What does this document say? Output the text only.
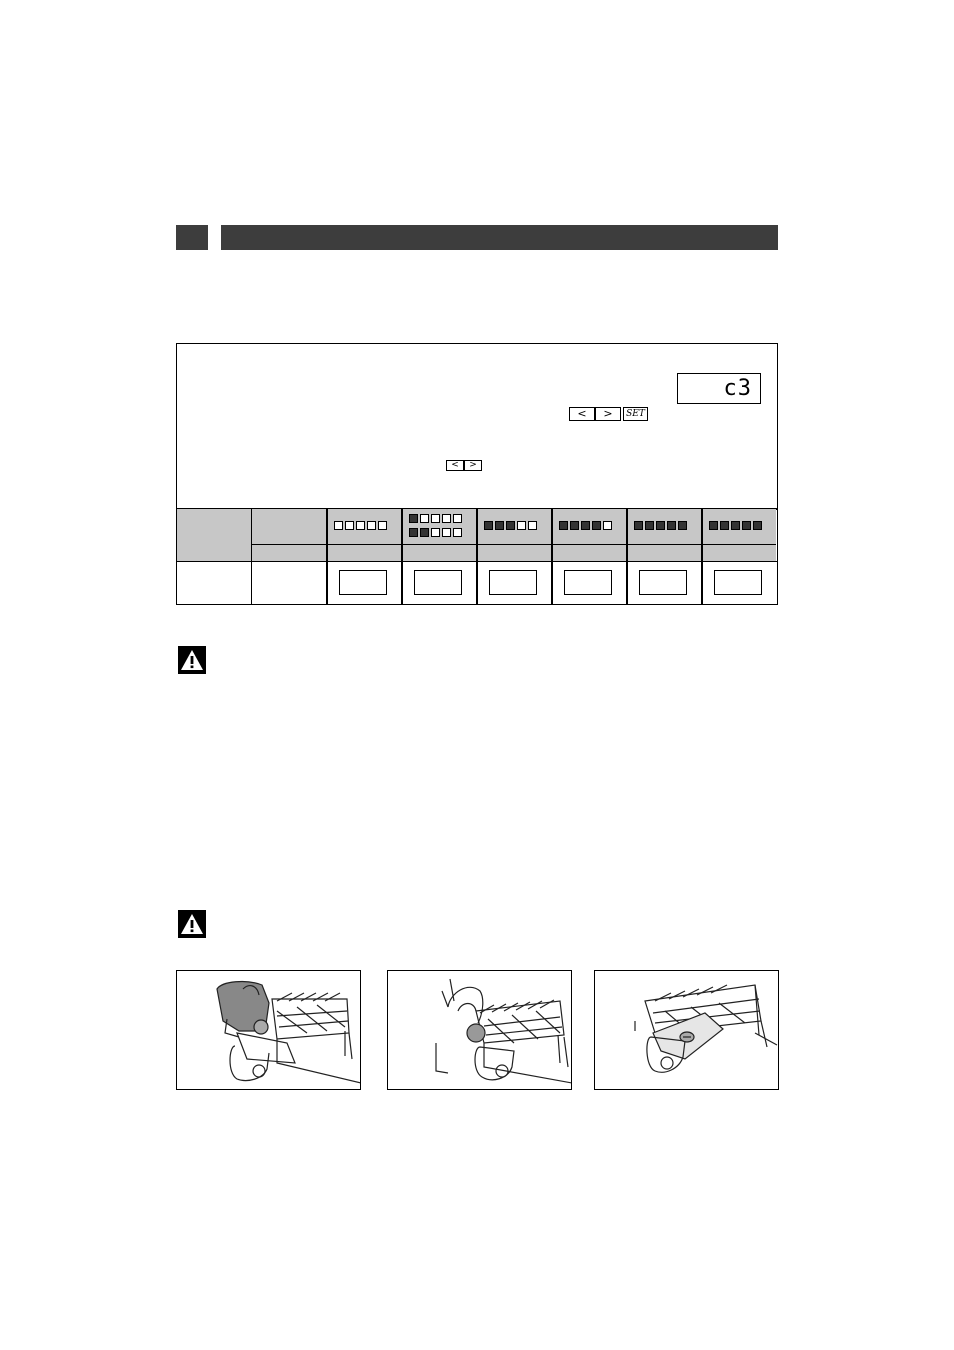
c3
<	>	SET
<	>
